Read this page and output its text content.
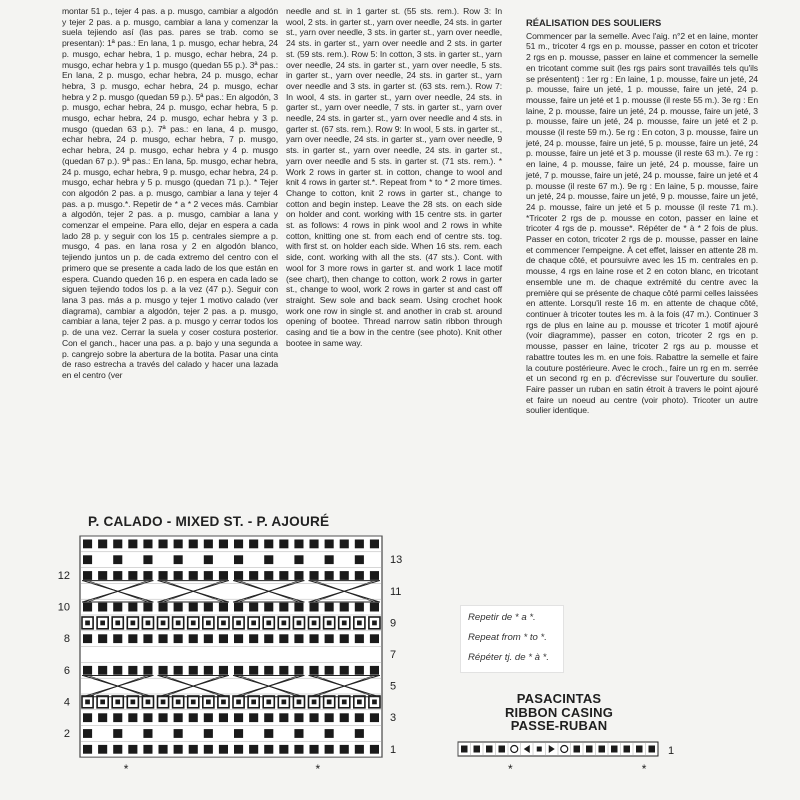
montar 51 p., tejer 4 pas. a p. musgo, cambiar a algodón y tejer 2 pas. a p. musgo, cambiar a lana y comenzar la suela tejiendo así (las pas. pares se trab. como se presentan): 1ª pas.: En lana, 1 p. musgo, echar hebra, 24 p. musgo, echar hebra, 1 p. musgo, echar hebra, 24 p. musgo, echar hebra y 1 p. musgo (quedan 55 p.). 3ª pas.: En lana, 2 p. musgo, echar hebra, 24 p. musgo, echar hebra, 3 p. musgo, echar hebra, 24 p. musgo, echar hebra y 2 p. musgo (quedan 59 p.). 5ª pas.: En algodón, 3 p. musgo, echar hebra, 24 p. musgo, echar hebra, 5 p. musgo, echar hebra, 24 p. musgo, echar hebra y 3 p. musgo (quedan 63 p.). 7ª pas.: en lana, 4 p. musgo, echar hebra, 24 p. musgo, echar hebra, 7 p. musgo, echar hebra, 24 p. musgo, echar hebra y 4 p. musgo (quedan 67 p.). 9ª pas.: En lana, 5p. musgo, echar hebra, 24 p. musgo, echar hebra, 9 p. musgo, echar hebra, 24 p. musgo, echar hebra y 5 p. musgo (quedan 71 p.). * Tejer con algodón 2 pas. a p. musgo, cambiar a lana y tejer 4 pas. a p. musgo.*. Repetir de * a * 2 veces más. Cambiar a algodón, tejer 2 pas. a p. musgo, cambiar a lana y comenzar el empeine. Para ello, dejar en espera a cada lado 28 p. y seguir con los 15 p. centrales siempre a p. musgo, 4 pas. en lana rosa y 2 en algodón blanco, tejiendo juntos un p. de cada extremo del centro con el primero que se presente a cada lado de los que están en espera. Cuando queden 16 p. en espera en cada lado se siguen tejiendo todos los p. a la vez (47 p.). Seguir con lana 3 pas. más a p. musgo y tejer 1 motivo calado (ver diagrama), cambiar a algodón, tejer 2 pas. a p. musgo, cambiar a lana, tejer 2 pas. a p. musgo y cerrar todos los p. de una vez. Cerrar la suela y coser costura posterior. Con el ganch., hacer una pas. a p. bajo y una segunda a p. cangrejo sobre la abertura de la botita. Pasar una cinta de raso estrecha a través del calado y hacer una lazada en el centro (ver
needle and st. in 1 garter st. (55 sts. rem.). Row 3: In wool, 2 sts. in garter st., yarn over needle, 24 sts. in garter st., yarn over needle, 3 sts. in garter st., yarn over needle, 24 sts. in garter st., yarn over needle and 2 sts. in garter st. (59 sts. rem.). Row 5: In cotton, 3 sts. in garter st., yarn over needle, 24 sts. in garter st., yarn over needle, 5 sts. in garter st., yarn over needle, 24 sts. in garter st., yarn over needle and 3 sts. in garter st. (63 sts. rem.). Row 7: In wool, 4 sts. in garter st., yarn over needle, 24 sts. in garter st., yarn over needle, 7 sts. in garter st., yarn over needle, 24 sts. in garter st., yarn over needle and 4 sts. in garter st. (67 sts. rem.). Row 9: In wool, 5 sts. in garter st., yarn over needle, 24 sts. in garter st., yarn over needle, 9 sts. in garter st., yarn over needle, 24 sts. in garter st., yarn over needle and 5 sts. in garter st. (71 sts. rem.). * Work 2 rows in garter st. in cotton, change to wool and knit 4 rows in garter st.*. Repeat from * to * 2 more times. Change to cotton, knit 2 rows in garter st., change to cotton and begin instep. Leave the 28 sts. on each side on holder and cont. working with 15 centre sts. in garter st. as follows: 4 rows in pink wool and 2 rows in white cotton, knitting one st. from each end of centre sts. tog. with first st. on holder each side. When 16 sts. rem. each side, cont. working with all the sts. (47 sts.). Cont. with wool for 3 more rows in garter st. and work 1 lace motif (see chart), then change to cotton, work 2 rows in garter st., change to wool, work 2 rows in garter st and cast off straight. Sew sole and back seam. Using crochet hook work one row in single st. and another in crab st. around opening of bootee. Thread narrow satin ribbon through casing and tie a bow in the centre (see photo). Knit other bootee in same way.
RÉALISATION DES SOULIERS
Commencer par la semelle. Avec l'aig. n°2 et en laine, monter 51 m., tricoter 4 rgs en p. mousse, passer en coton et tricoter 2 rgs en p. mousse, passer en laine et commencer la semelle en tricotant comme suit (les rgs pairs sont travaillés tels qu'ils se présentent) : 1er rg : En laine, 1 p. mousse, faire un jeté, 24 p. mousse, faire un jeté, 1 p. mousse, faire un jeté, 24 p. mousse, faire un jeté et 1 p. mousse (il reste 55 m.). 3e rg : En laine, 2 p. mousse, faire un jeté, 24 p. mousse, faire un jeté, 3 p. mousse, faire un jeté, 24 p. mousse, faire un jeté et 2 p. mousse (il reste 59 m.). 5e rg : En coton, 3 p. mousse, faire un jeté, 24 p. mousse, faire un jeté, 5 p. mousse, faire un jeté, 24 p. mousse, faire un jeté et 3 p. mousse (il reste 63 m.). 7e rg : en laine, 4 p. mousse, faire un jeté, 24 p. mousse, faire un jeté, 7 p. mousse, faire un jeté, 24 p. mousse, faire un jeté et 4 p. mousse (il reste 67 m.). 9e rg : En laine, 5 p. mousse, faire un jeté, 24 p. mousse, faire un jeté, 9 p. mousse, faire un jeté, 24 p. mousse, faire un jeté et 5 p. mousse (il reste 71 m.). *Tricoter 2 rgs de p. mousse en coton, passer en laine et tricoter 4 rgs de p. mousse*. Répéter de * à * 2 fois de plus. Passer en coton, tricoter 2 rgs de p. mousse, passer en laine et commencer l'empeigne. À cet effet, laisser en attente 28 m. de chaque côté, et poursuivre avec les 15 m. centrales en p. mousse, 4 rgs en laine rose et 2 en coton blanc, en tricotant ensemble une m. de chaque extrémité du centre avec la première qui se présente de chaque côté parmi celles laissées en attente. Lorsqu'il reste 16 m. en attente de chaque côté, continuer à tricoter toutes les m. à la fois (47 m.). Continuer 3 rgs de plus en laine au p. mousse et tricoter 1 motif ajouré (voir diagramme), passer en coton, tricoter 2 rgs en p. mousse, passer en laine, tricoter 2 rgs au p. mousse et rabattre toutes les m. en une fois. Rabattre la semelle et faire la couture postérieure. Avec le croch., faire un rg en m. serrée et un second rg en p. d'écrevisse sur l'ouverture du soulier. Faire passer un ruban en satin étroit à travers le point ajouré et faire un noeud au centre (voir photo). Tricoter un autre soulier identique.
P. CALADO - MIXED ST. - P. AJOURÉ
12
10
8
6
4
2
13
11
9
7
5
3
1
*	*
Repetir de * a *.
Repeat from * to *.
Répéter tj. de * à *.
PASACINTAS
RIBBON CASING
PASSE-RUBAN
1
*	*
